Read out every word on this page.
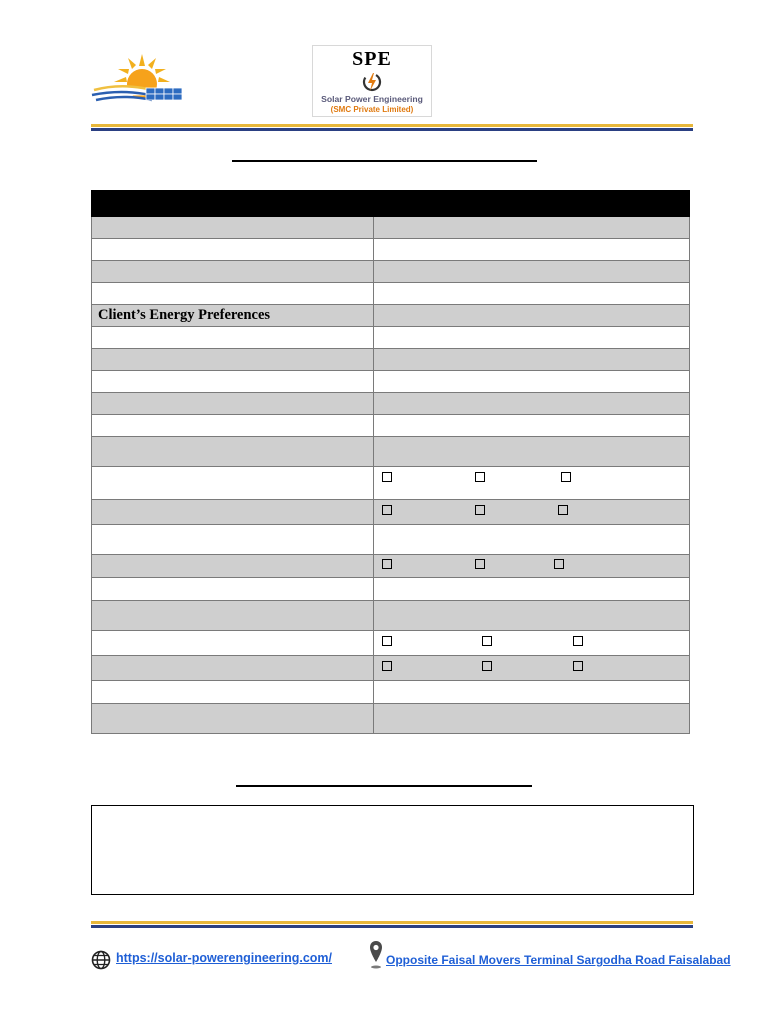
SPE
Solar Power Engineering
(SMC Private Limited)

Client’s Energy Preferences	

https://solar-powerengineering.com/	Opposite Faisal Movers Terminal Sargodha Road Faisalabad
